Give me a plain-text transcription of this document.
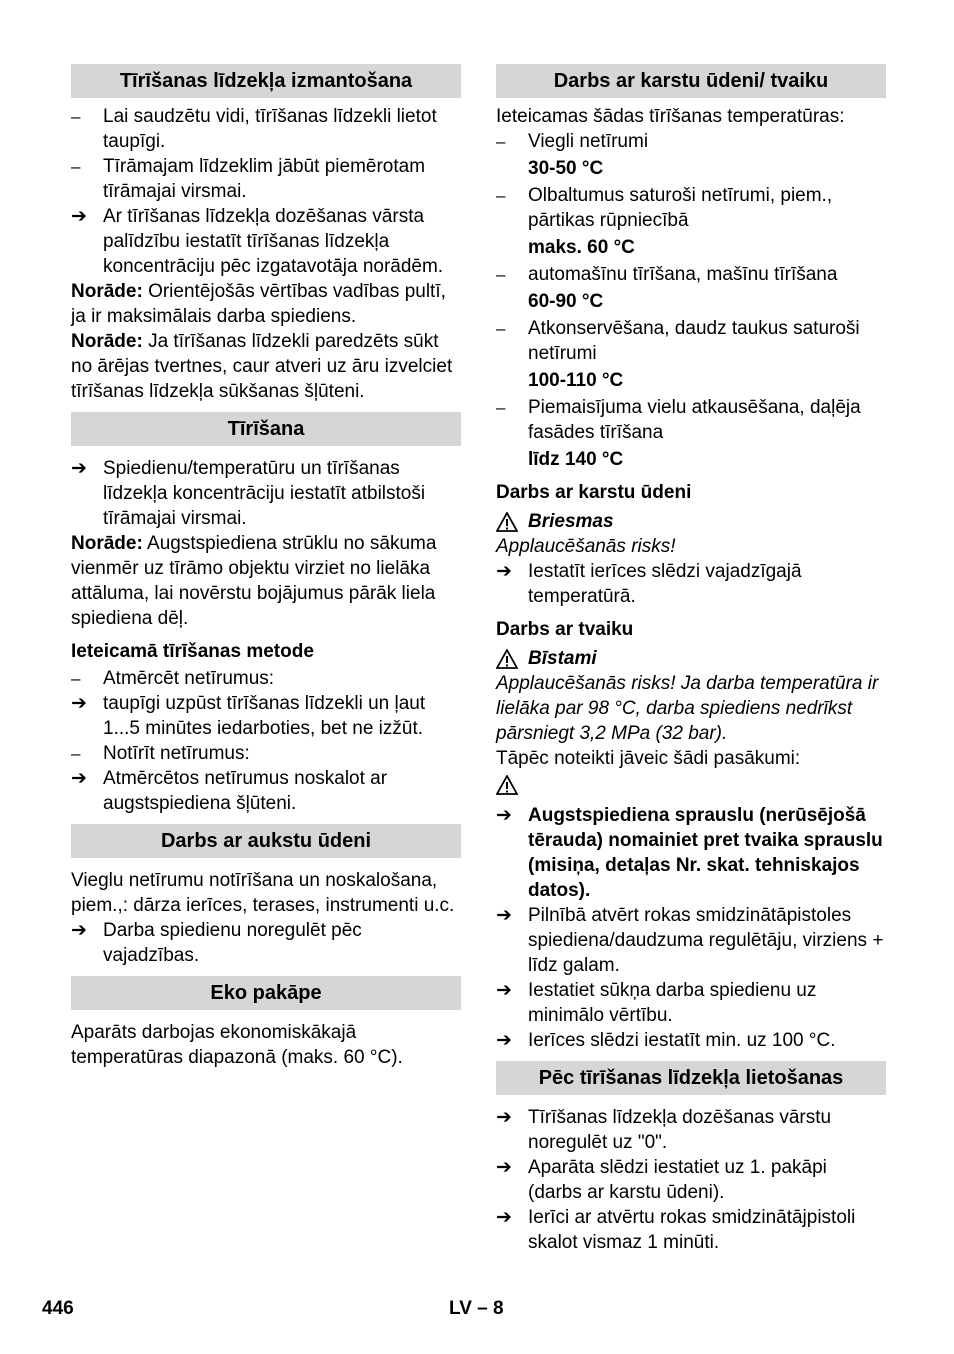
Tīrīšanas līdzekļa izmantošana
–	Lai saudzētu vidi, tīrīšanas līdzekli lietot taupīgi.
–	Tīrāmajam līdzeklim jābūt piemērotam tīrāmajai virsmai.
➔ Ar tīrīšanas līdzekļa dozēšanas vārsta palīdzību iestatīt tīrīšanas līdzekļa koncentrāciju pēc izgatavotāja norādēm.

Norāde: Orientējošās vērtības vadības pultī, ja ir maksimālais darba spiediens.

Norāde: Ja tīrīšanas līdzekli paredzēts sūkt no ārējas tvertnes, caur atveri uz āru izvelciet tīrīšanas līdzekļa sūkšanas šļūteni.

Tīrīšana
➔ Spiedienu/temperatūru un tīrīšanas līdzekļa koncentrāciju iestatīt atbilstoši tīrāmajai virsmai.

Norāde: Augstspiediena strūklu no sākuma vienmēr uz tīrāmo objektu virziet no lielāka attāluma, lai novērstu bojājumus pārāk liela spiediena dēļ.

Ieteicamā tīrīšanas metode
–	Atmērcēt netīrumus:
➔ taupīgi uzpūst tīrīšanas līdzekli un ļaut 1...5 minūtes iedarboties, bet ne izžūt.
–	Notīrīt netīrumus:
➔ Atmērcētos netīrumus noskalot ar augstspiediena šļūteni.
Darbs ar aukstu ūdeni

Vieglu netīrumu notīrīšana un noskalošana, piem.,: dārza ierīces, terases, instrumenti u.c.

➔ Darba spiedienu noregulēt pēc vajadzības.
Eko pakāpe

Aparāts darbojas ekonomiskākajā temperatūras diapazonā (maks. 60 °C).

Darbs ar karstu ūdeni/ tvaiku

Ieteicamas šādas tīrīšanas temperatūras:

–	Viegli netīrumi
30-50 °C
–	Olbaltumus saturoši netīrumi, piem., pārtikas rūpniecībā
maks. 60 °C
–	automašīnu tīrīšana, mašīnu tīrīšana
60-90 °C
–	Atkonservēšana, daudz taukus saturoši netīrumi
100-110 °C
–	Piemaisījuma vielu atkausēšana, daļēja fasādes tīrīšana
līdz 140 °C
Darbs ar karstu ūdeni
Briesmas

Applaucēšanās risks!

➔ Iestatīt ierīces slēdzi vajadzīgajā temperatūrā.
Darbs ar tvaiku
Bīstami

Applaucēšanās risks! Ja darba temperatūra ir lielāka par 98 °C, darba spiediens nedrīkst pārsniegt 3,2 MPa (32 bar).

Tāpēc noteikti jāveic šādi pasākumi:

➔ Augstspiediena sprauslu (nerūsējošā tērauda) nomainiet pret tvaika sprauslu (misiņa, detaļas Nr. skat. tehniskajos datos).
➔ Pilnībā atvērt rokas smidzinātāpistoles spiediena/daudzuma regulētāju, virziens + līdz galam.
➔ Iestatiet sūkņa darba spiedienu uz minimālo vērtību.
➔ Ierīces slēdzi iestatīt min. uz 100 °C.
Pēc tīrīšanas līdzekļa lietošanas
➔ Tīrīšanas līdzekļa dozēšanas vārstu noregulēt uz "0".
➔ Aparāta slēdzi iestatiet uz 1. pakāpi (darbs ar karstu ūdeni).
➔ Ierīci ar atvērtu rokas smidzinātājpistoli skalot vismaz 1 minūti.
446	LV – 8
